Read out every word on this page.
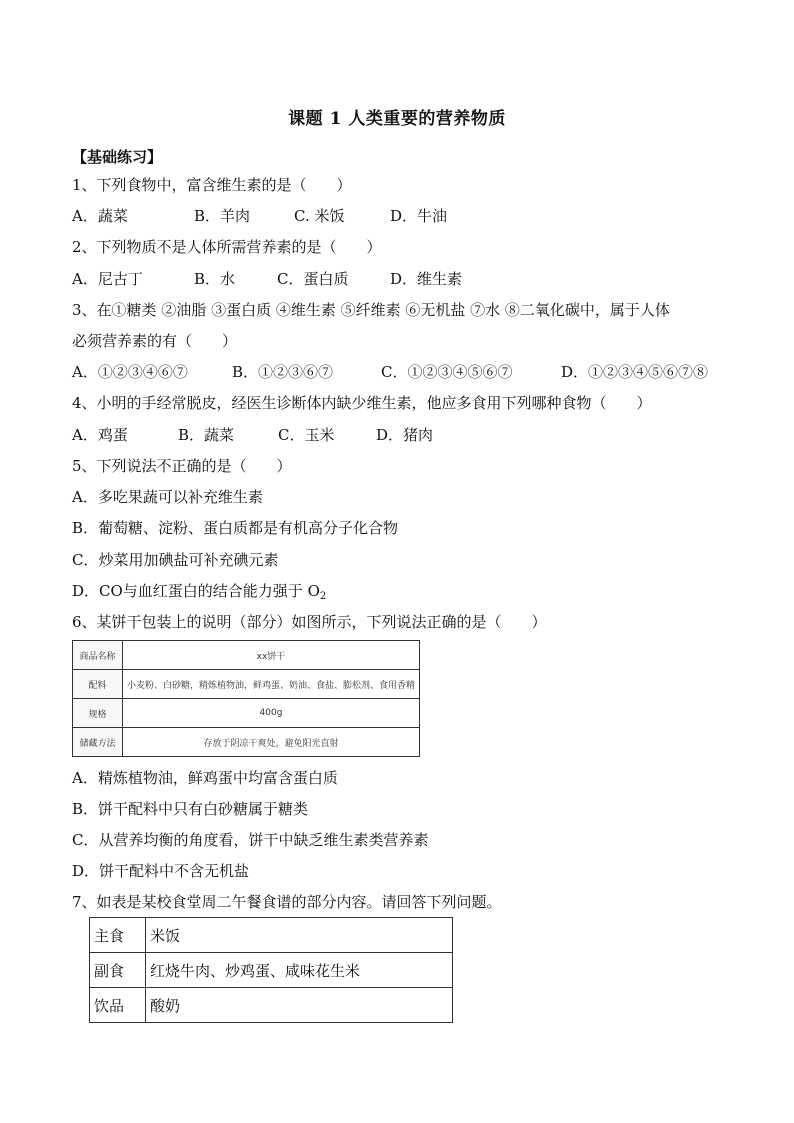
课题 1 人类重要的营养物质
【基础练习】
1、下列食物中，富含维生素的是（　　）
A．蔬菜	B．羊肉	C. 米饭	D．牛油
2、下列物质不是人体所需营养素的是（　　）
A．尼古丁	B．水	C．蛋白质	D．维生素
3、在①糖类 ②油脂 ③蛋白质 ④维生素 ⑤纤维素 ⑥无机盐 ⑦水 ⑧二氧化碳中，属于人体
必须营养素的有（　　）
A．①②③④⑥⑦	B．①②③⑥⑦	C．①②③④⑤⑥⑦	D．①②③④⑤⑥⑦⑧
4、小明的手经常脱皮，经医生诊断体内缺少维生素，他应多食用下列哪种食物（　　）
A．鸡蛋	B．蔬菜	C．玉米	D．猪肉
5、下列说法不正确的是（　　）
A．多吃果蔬可以补充维生素
B．葡萄糖、淀粉、蛋白质都是有机高分子化合物
C．炒菜用加碘盐可补充碘元素
D．CO与血红蛋白的结合能力强于 $O_2$
6、某饼干包装上的说明（部分）如图所示，下列说法正确的是（　　）
商品名称	xx饼干
配料	小麦粉、白砂糖，精炼植物油，鲜鸡蛋、奶油、食盐、膨松剂、食用香精
规格	400g
储藏方法	存放于阴凉干爽处，避免阳光直射
A．精炼植物油，鲜鸡蛋中均富含蛋白质
B．饼干配料中只有白砂糖属于糖类
C．从营养均衡的角度看，饼干中缺乏维生素类营养素
D．饼干配料中不含无机盐
7、如表是某校食堂周二午餐食谱的部分内容。请回答下列问题。
主食	米饭
副食	红烧牛肉、炒鸡蛋、咸味花生米
饮品	酸奶
